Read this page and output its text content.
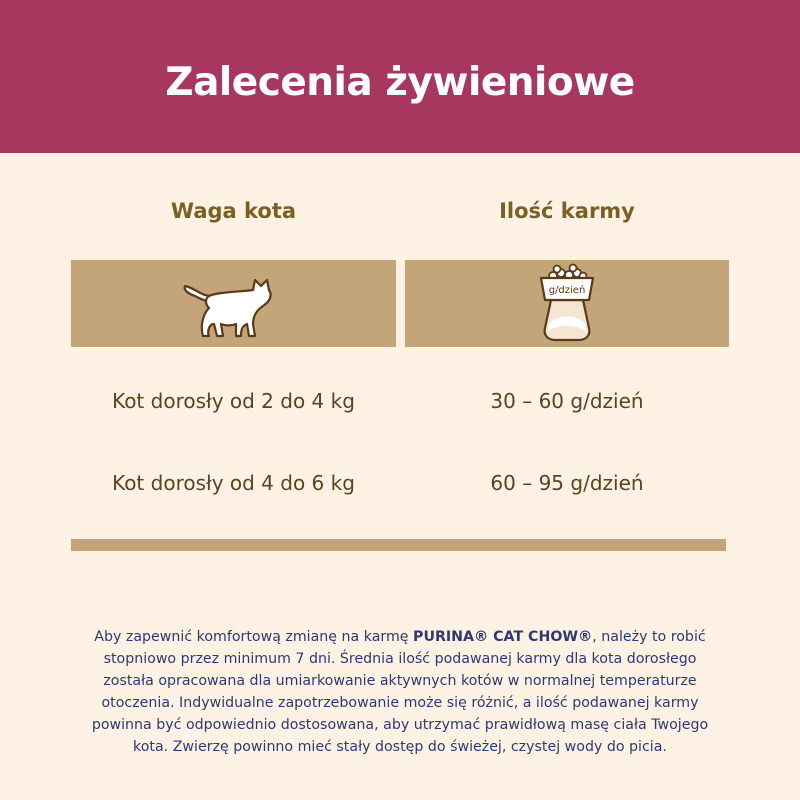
Zalecenia żywieniowe
Waga kota	Ilość karmy
g/dzień
Kot dorosły od 2 do 4 kg	30 – 60 g/dzień
Kot dorosły od 4 do 6 kg	60 – 95 g/dzień

Aby zapewnić komfortową zmianę na karmę PURINA® CAT CHOW®, należy to robić stopniowo przez minimum 7 dni. Średnia ilość podawanej karmy dla kota dorosłego została opracowana dla umiarkowanie aktywnych kotów w normalnej temperaturze otoczenia. Indywidualne zapotrzebowanie może się różnić, a ilość podawanej karmy powinna być odpowiednio dostosowana, aby utrzymać prawidłową masę ciała Twojego kota. Zwierzę powinno mieć stały dostęp do świeżej, czystej wody do picia.
